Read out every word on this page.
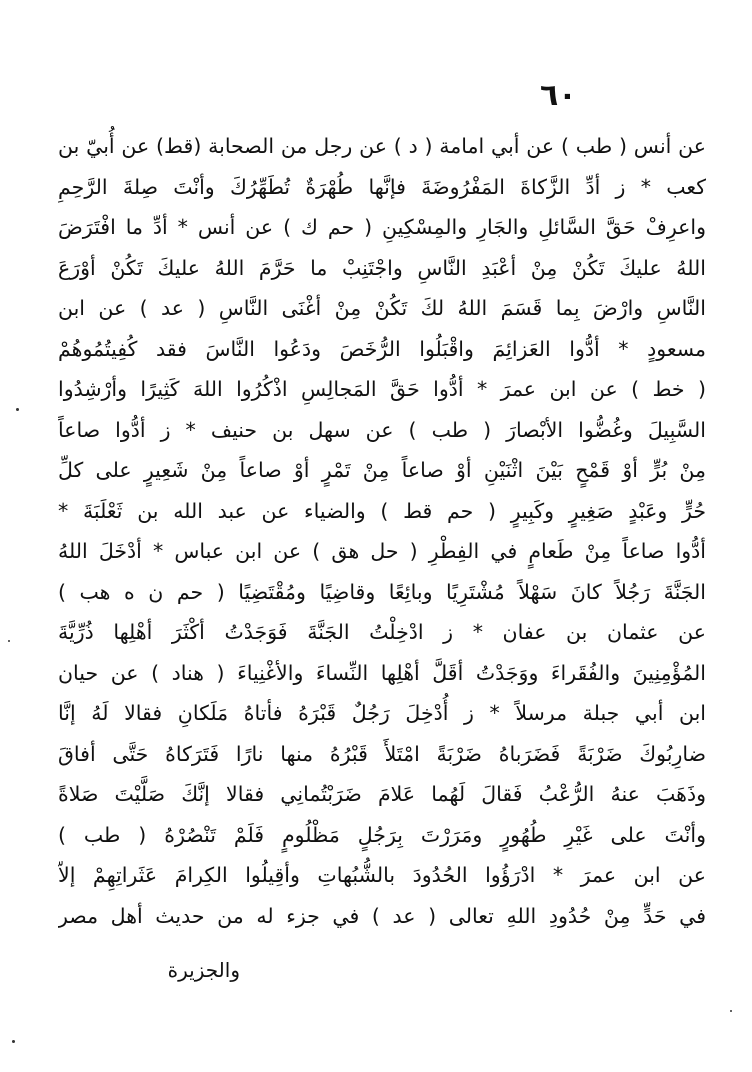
٦٠
عن أنس ( طب ) عن أبي امامة ( د ) عن رجل من الصحابة (قط) عن أُبيّ بن
كعب * ز أدِّ الزَّكاةَ المَفْرُوضَةَ فإنَّها طُهْرَةٌ تُطَهِّرُكَ وأنْتَ صِلةَ الرَّحِمِ
واعرِفْ حَقَّ السَّائلِ والجَارِ والمِسْكِينِ ( حم ك ) عن أنس * أدِّ ما افْتَرَضَ
اللهُ عليكَ تَكُنْ مِنْ أعْبَدِ النَّاسِ واجْتَنِبْ ما حَرَّمَ اللهُ عليكَ تَكُنْ أوْرَعَ
النَّاسِ وارْضَ بِما قَسَمَ اللهُ لكَ تَكُنْ مِنْ أغْنَى النَّاسِ ( عد ) عن ابن
مسعودٍ * أدُّوا العَزائِمَ واقْبَلُوا الرُّخَصَ ودَعُوا النَّاسَ فقد كُفِيتُمُوهُمْ
( خط ) عن ابن عمرَ * أدُّوا حَقَّ المَجالِسِ اذْكُرُوا اللهَ كَثِيرًا وأرْشِدُوا
السَّبِيلَ وغُضُّوا الأبْصارَ ( طب ) عن سهل بن حنيف * ز أدُّوا صاعاً
مِنْ بُرٍّ أوْ قَمْحٍ بَيْنَ اثْنَيْنِ أوْ صاعاً مِنْ تَمْرٍ أوْ صاعاً مِنْ شَعِيرٍ على كلِّ
حُرٍّ وعَبْدٍ صَغِيرٍ وكَبِيرٍ ( حم قط ) والضياء عن عبد الله بن ثَعْلَبَةَ *
أدُّوا صاعاً مِنْ طَعامٍ في الفِطْرِ ( حل هق ) عن ابن عباس * أدْخَلَ اللهُ
الجَنَّةَ رَجُلاً كانَ سَهْلاً مُشْتَرِيًا وبائِعًا وقاضِيًا ومُقْتَضِيًا ( حم ن ه هب )
عن عثمان بن عفان * ز ادْخِلْتُ الجَنَّةَ فَوَجَدْتُ أكْثَرَ أهْلِها ذُرِّيَّةَ
المُؤْمِنِينَ والفُقَراءَ ووَجَدْتُ أقَلَّ أهْلِها النِّساءَ والأغْنِياءَ ( هناد ) عن حيان
ابن أبي جبلة مرسلاً * ز أُدْخِلَ رَجُلٌ قَبْرَهُ فأتاهُ مَلَكانِ فقالا لَهُ إنَّا
ضارِبُوكَ ضَرْبَةً فَضَرَباهُ ضَرْبَةً امْتَلأَ قَبْرُهُ منها نارًا فَتَرَكاهُ حَتَّى أفاقَ
وذَهَبَ عنهُ الرُّعْبُ فَقالَ لَهُما عَلامَ ضَرَبْتُمانِي فقالا إنَّكَ صَلَّيْتَ صَلاةً
وأنْتَ على غَيْرِ طُهُورٍ ومَرَرْتَ بِرَجُلٍ مَظْلُومٍ فَلَمْ تَنْصُرْهُ ( طب )
عن ابن عمرَ * ادْرَؤُوا الحُدُودَ بالشُّبُهاتِ وأقِيلُوا الكِرامَ عَثَراتِهِمْ إلاّ
في حَدٍّ مِنْ حُدُودِ اللهِ تعالى ( عد ) في جزء له من حديث أهل مصر
والجزيرة
